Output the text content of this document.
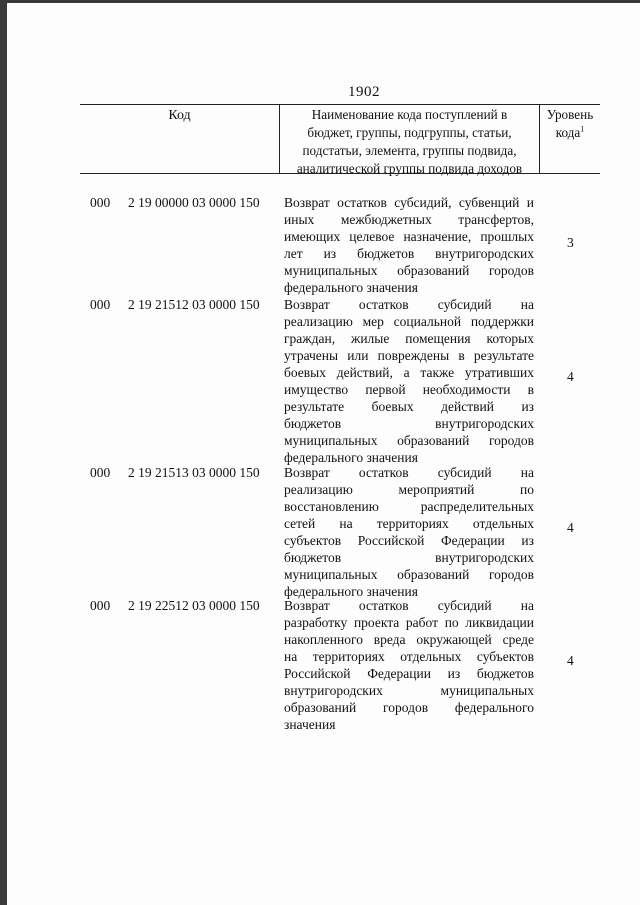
1902
Код	Наименование кода поступлений в
бюджет, группы, подгруппы, статьи,
подстатьи, элемента, группы подвида,
аналитической группы подвида доходов
Уровень
кода$^1$
000 2 19 00000 03 0000 150 Возврат остатков субсидий, субвенций и
иных межбюджетных трансфертов,
имеющих целевое назначение, прошлых
лет из бюджетов внутригородских
муниципальных образований городов
федерального значения
3
000 2 19 21512 03 0000 150 Возврат остатков субсидий на
реализацию мер социальной поддержки
граждан, жилые помещения которых
утрачены или повреждены в результате
боевых действий, а также утративших
имущество первой необходимости в
результате боевых действий из
бюджетов внутригородских
муниципальных образований городов
федерального значения
4
000 2 19 21513 03 0000 150 Возврат остатков субсидий на
реализацию мероприятий по
восстановлению распределительных
сетей на территориях отдельных
субъектов Российской Федерации из
бюджетов внутригородских
муниципальных образований городов
федерального значения
4
000 2 19 22512 03 0000 150 Возврат остатков субсидий на
разработку проекта работ по ликвидации
накопленного вреда окружающей среде
на территориях отдельных субъектов
Российской Федерации из бюджетов
внутригородских муниципальных
образований городов федерального
значения
4
